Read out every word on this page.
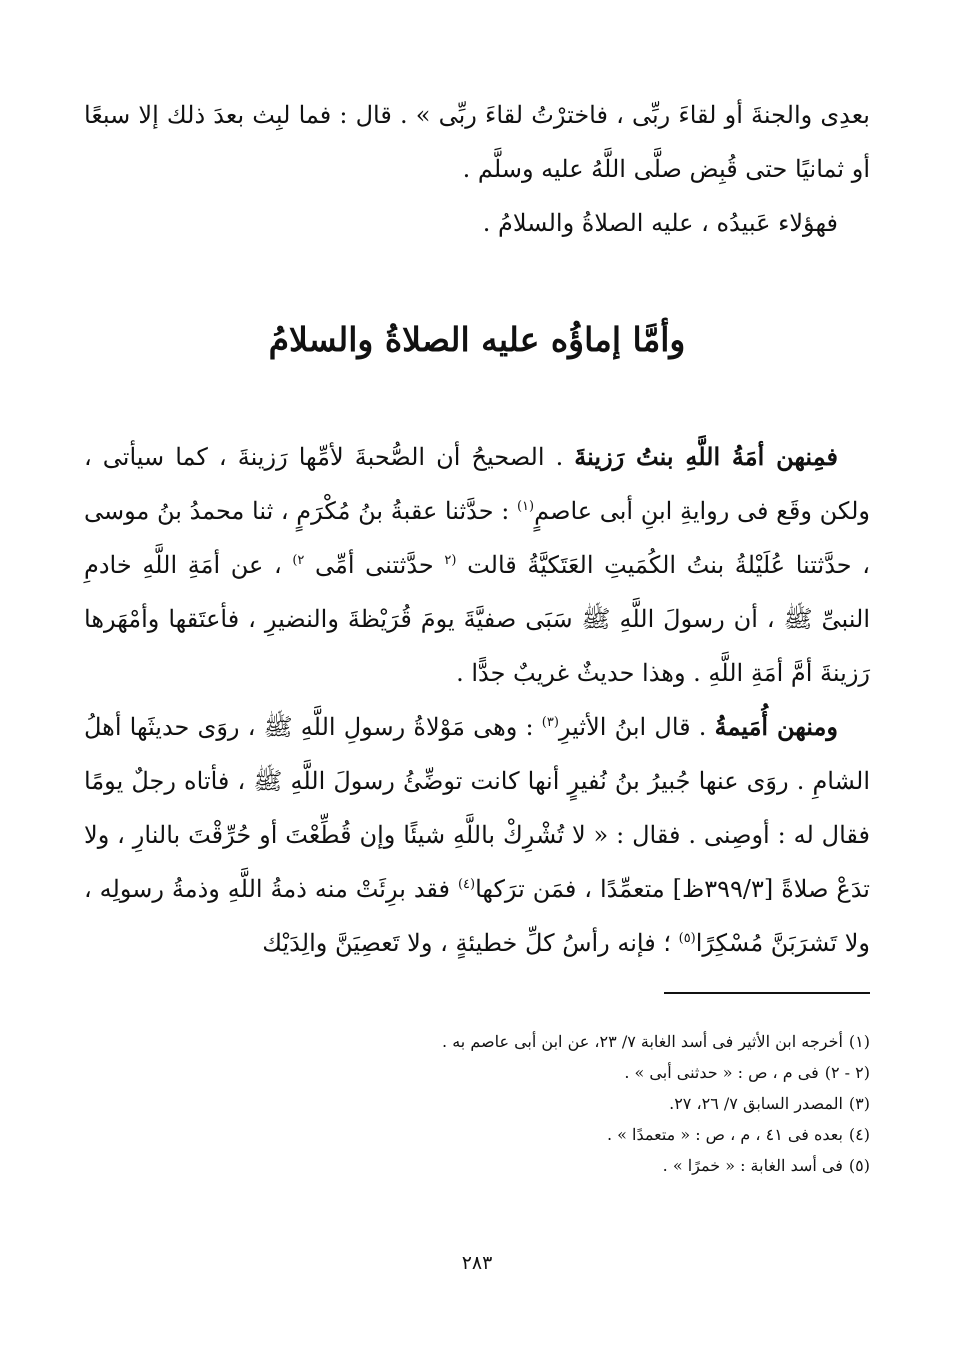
بعدِى والجنةَ أو لقاءَ ربِّى ، فاخترْتُ لقاءَ ربِّى » . قال : فما لبِث بعدَ ذلك إلا سبعًا أو ثمانيًا حتى قُبِض صلَّى اللَّهُ عليه وسلَّم .

فهؤلاء عَبيدُه ، عليه الصلاةُ والسلامُ .

وأمَّا إماؤُه عليه الصلاةُ والسلامُ

فمِنهن أمَةُ اللَّهِ بنتُ رَزينةَ . الصحيحُ أن الصُّحبةَ لأمِّها رَزينةَ ، كما سيأتى ، ولكن وقَع فى روايةِ ابنِ أبى عاصمٍ$^{(١)}$ : حدَّثنا عقبةُ بنُ مُكْرَمٍ ، ثنا محمدُ بنُ موسى ، حدَّثتنا عُلَيْلةُ بنتُ الكُمَيتِ العَتَكيَّةُ قالت $^{(٢}$ حدَّثتنى أمِّى $^{٢)}$ ، عن أمَةِ اللَّهِ خادمِ النبىِّ ﷺ ، أن رسولَ اللَّهِ ﷺ سَبَى صفيَّةَ يومَ قُرَيْظةَ والنضيرِ ، فأعتَقها وأمْهَرها رَزينةَ أمَّ أمَةِ اللَّهِ . وهذا حديثٌ غريبٌ جدًّا .

ومنهن أُمَيمةُ . قال ابنُ الأثيرِ$^{(٣)}$ : وهى مَوْلاةُ رسولِ اللَّهِ ﷺ ، روَى حديثَها أهلُ الشامِ . روَى عنها جُبيرُ بنُ نُفيرٍ أنها كانت توضِّئُ رسولَ اللَّهِ ﷺ ، فأتاه رجلٌ يومًا فقال له : أوصِنى . فقال : « لا تُشْرِكْ باللَّهِ شيئًا وإن قُطِّعْتَ أو حُرِّقْتَ بالنارِ ، ولا تدَعْ صلاةً [٣٩٩/٣ظ] متعمِّدًا ، فمَن ترَكها$^{(٤)}$ فقد برِئَتْ منه ذمةُ اللَّهِ وذمةُ رسولِه ، ولا تَشرَبَنَّ مُسْكِرًا$^{(٥)}$ ؛ فإنه رأسُ كلِّ خطيئةٍ ، ولا تَعصِيَنَّ والِدَيْك

(١)أخرجه ابن الأثير فى أسد الغابة ٧/ ٢٣، عن ابن أبى عاصم به .
(٢ - ٢)فى م ، ص : « حدثنى أبى » .
(٣)المصدر السابق ٧/ ٢٦، ٢٧.
(٤)بعده فى ٤١ ، م ، ص : « متعمدًا » .
(٥)فى أسد الغابة : « خمرًا » .
٢٨٣
